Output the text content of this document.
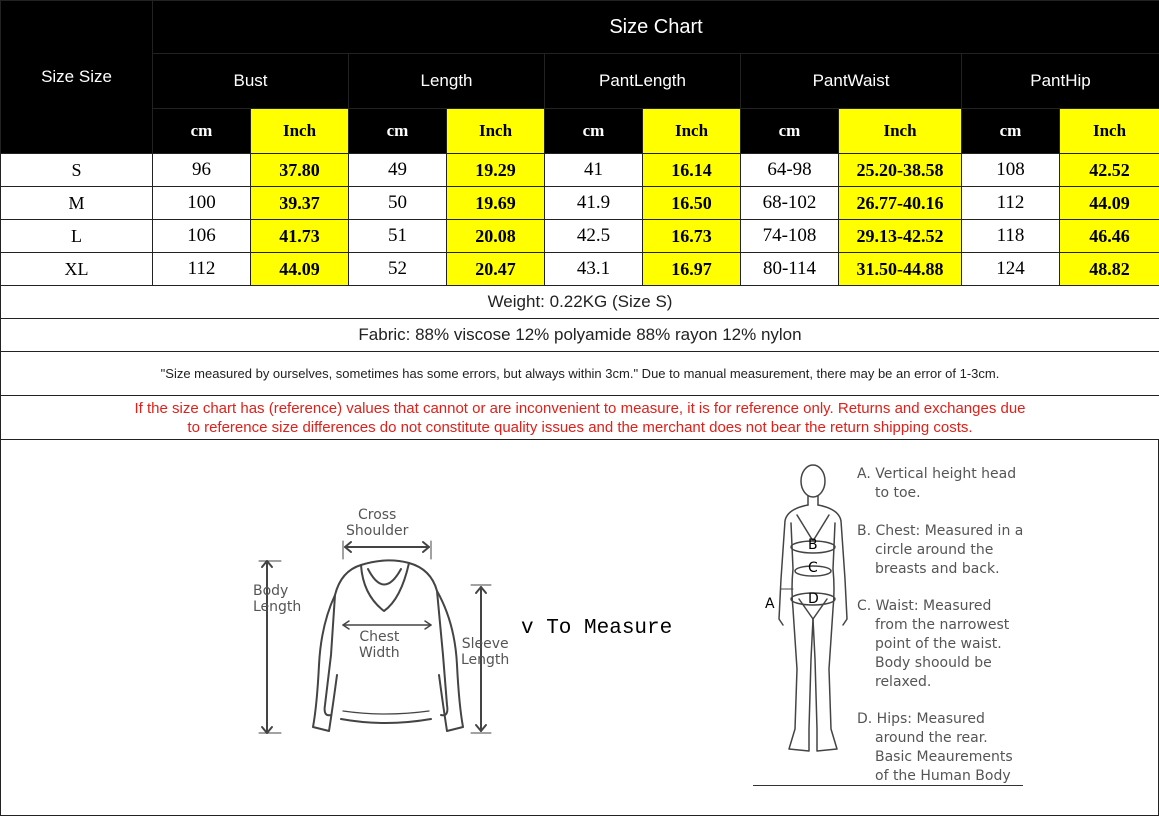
Size Size	Size Chart									
	Bust		Length		PantLength		PantWaist		PantHip	
	cm	Inch	cm	Inch	cm	Inch	cm	Inch	cm	Inch
S	96	37.80	49	19.29	41	16.14	64-98	25.20-38.58	108	42.52
M	100	39.37	50	19.69	41.9	16.50	68-102	26.77-40.16	112	44.09
L	106	41.73	51	20.08	42.5	16.73	74-108	29.13-42.52	118	46.46
XL	112	44.09	52	20.47	43.1	16.97	80-114	31.50-44.88	124	48.82
Weight: 0.22KG (Size S)										
Fabric: 88% viscose 12% polyamide 88% rayon 12% nylon										
"Size measured by ourselves, sometimes has some errors, but always within 3cm." Due to manual measurement, there may be an error of 1-3cm.										

If the size chart has (reference) values that cannot or are inconvenient to measure, it is for reference only. Returns and exchanges due
to reference size differences do not constitute quality issues and the merchant does not bear the return shipping costs.										
Cross
Shoulder
Body
Length
Chest
Width
Sleeve
Length
v To Measure
A
B
C
D
A. Vertical height head
to toe.
B. Chest: Measured in a
circle around the
breasts and back.
C. Waist: Measured
from the narrowest
point of the waist.
Body shoould be
relaxed.
D. Hips: Measured
around the rear.
Basic Meaurements
of the Human Body
